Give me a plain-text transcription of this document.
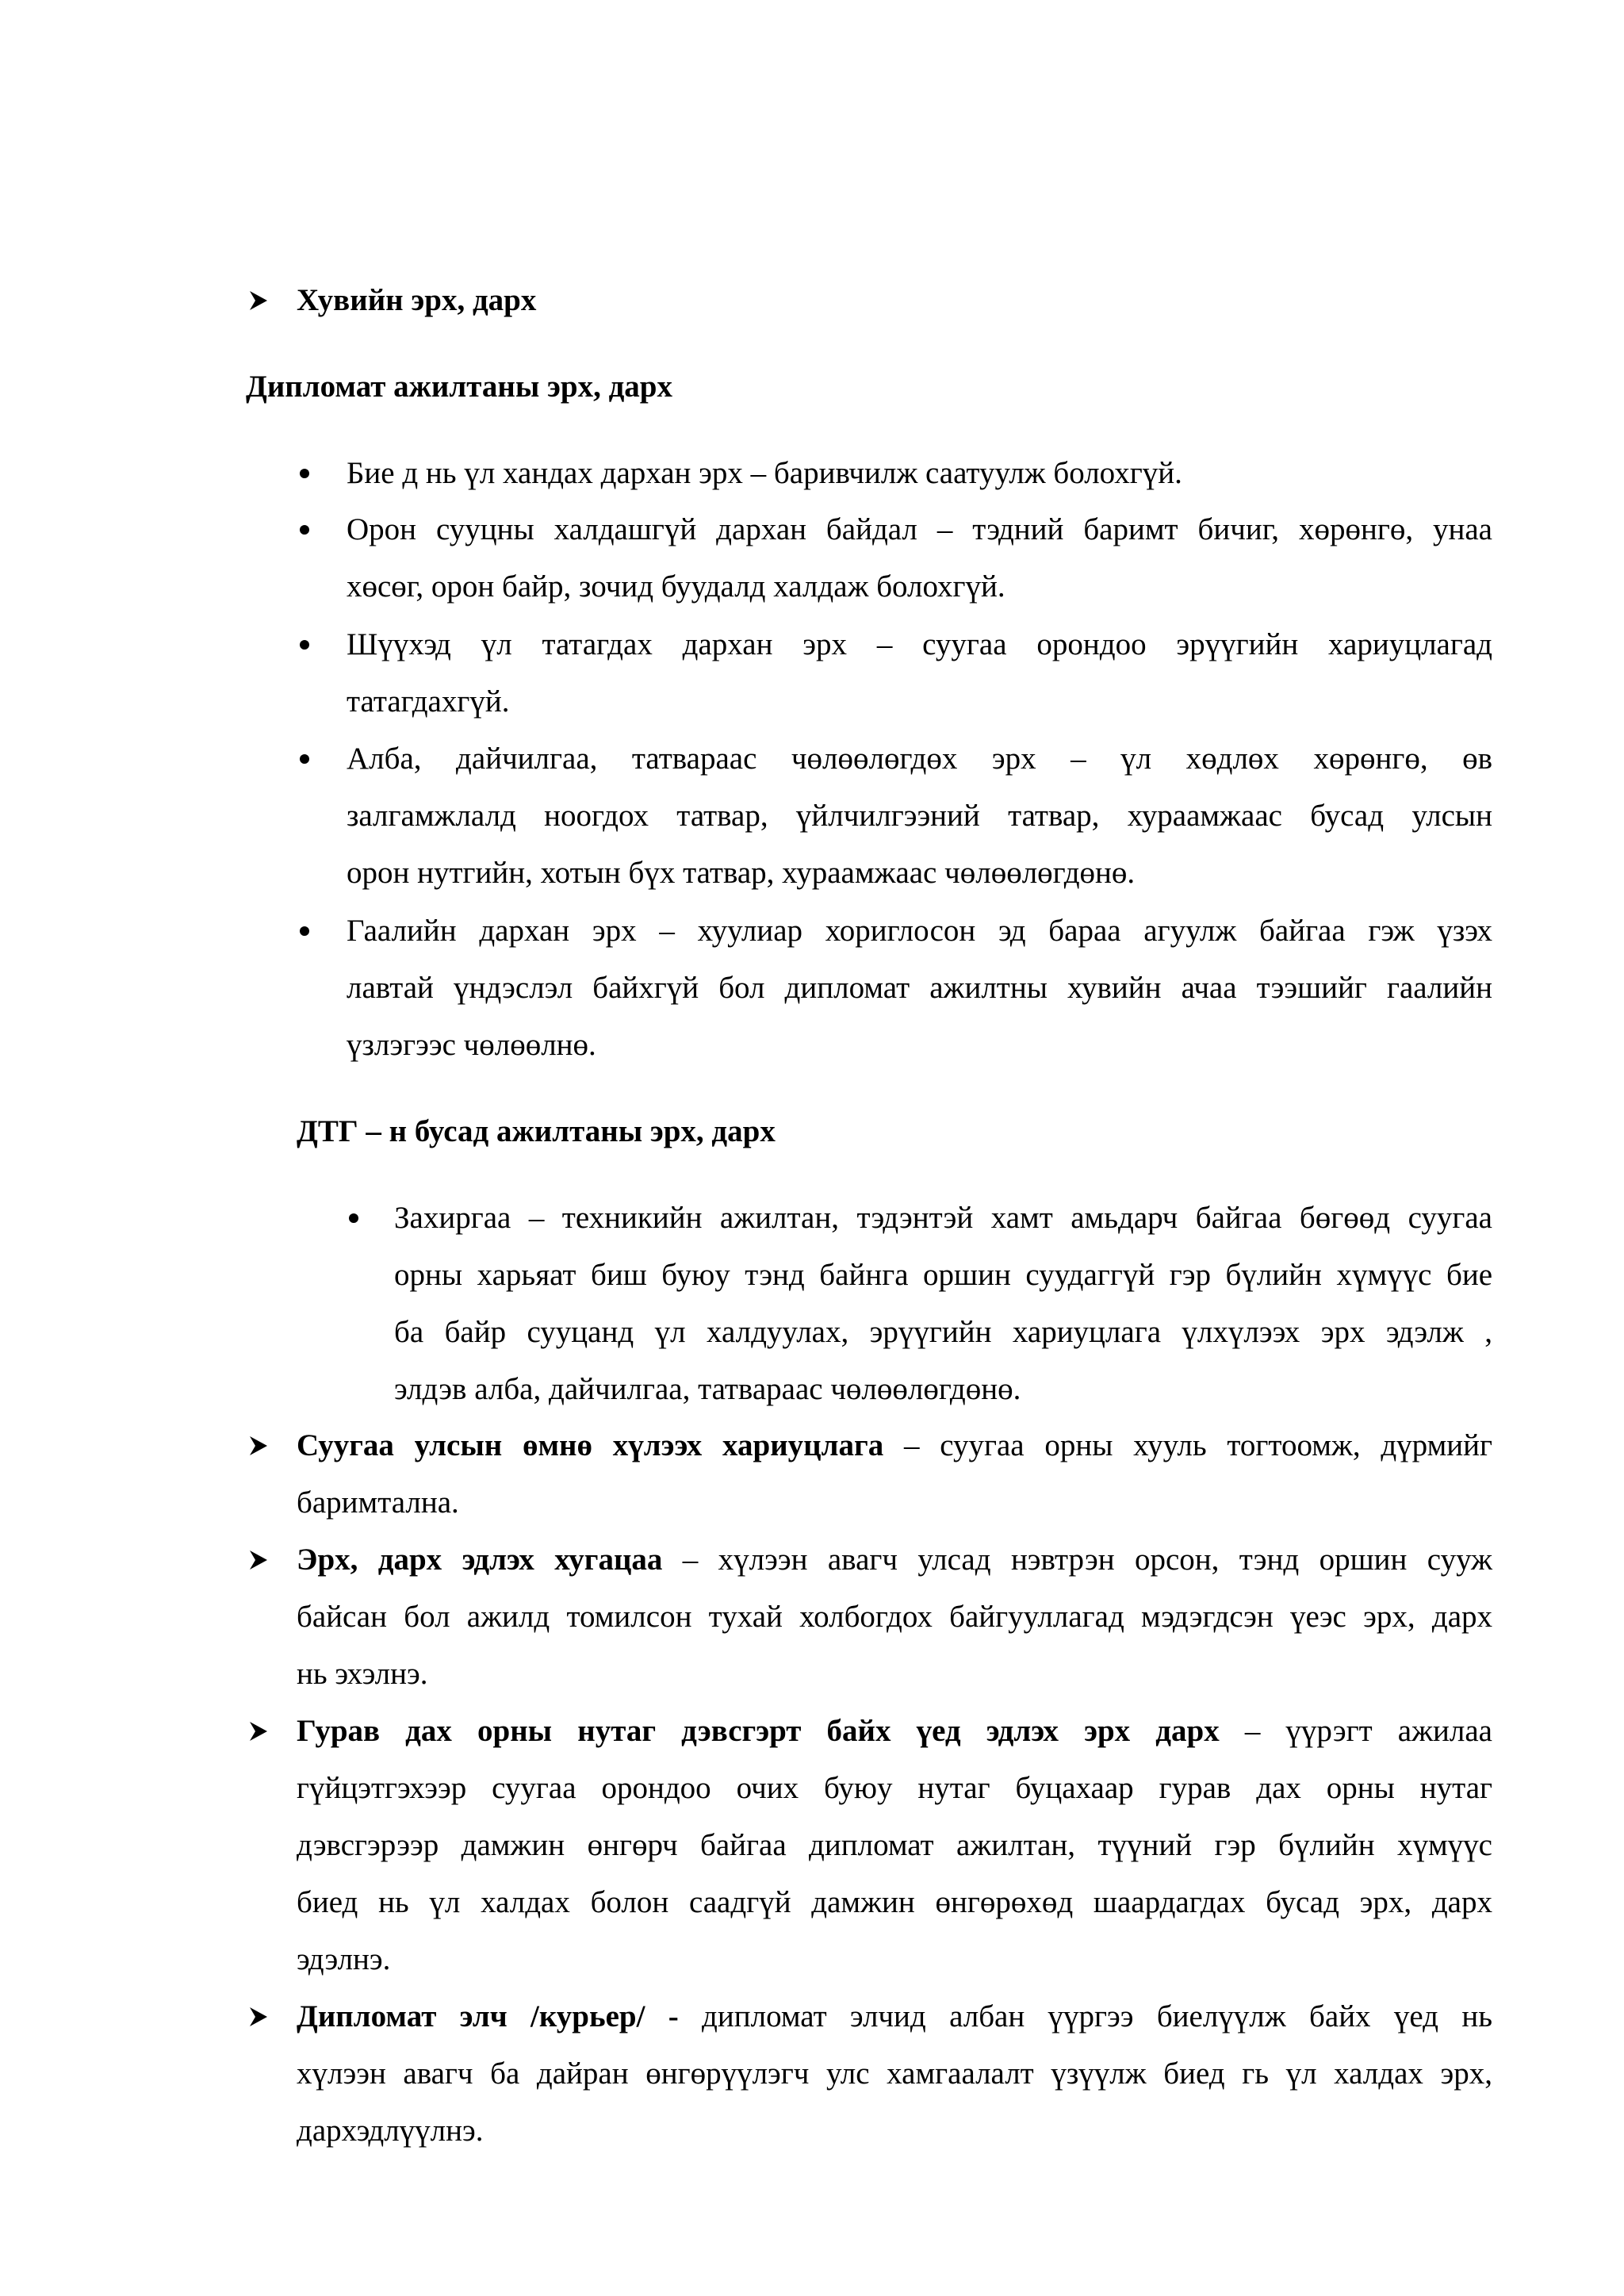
Хувийн эрх, дарх

Дипломат ажилтаны эрх, дарх

Бие д нь үл хандах дархан эрх – баривчилж саатуулж болохгүй.

Орон сууцны халдашгүй дархан байдал – тэдний баримт бичиг, хөрөнгө, унаа

хөсөг, орон байр, зочид буудалд халдаж болохгүй.

Шүүхэд үл татагдах дархан эрх – суугаа орондоо эрүүгийн хариуцлагад

татагдахгүй.

Алба, дайчилгаа, татвараас чөлөөлөгдөх эрх – үл хөдлөх хөрөнгө, өв

залгамжлалд ноогдох татвар, үйлчилгээний татвар, хураамжаас бусад улсын

орон нутгийн, хотын бүх татвар, хураамжаас чөлөөлөгдөнө.

Гаалийн дархан эрх – хуулиар хориглосон эд бараа агуулж байгаа гэж үзэх

лавтай үндэслэл байхгүй бол дипломат ажилтны хувийн ачаа тээшийг гаалийн

үзлэгээс чөлөөлнө.

ДТГ – н бусад ажилтаны эрх, дарх

Захиргаа – техникийн ажилтан, тэдэнтэй хамт амьдарч байгаа бөгөөд суугаа

орны харьяат биш буюу тэнд байнга оршин суудаггүй гэр бүлийн хүмүүс бие

ба байр сууцанд үл халдуулах, эрүүгийн хариуцлага үлхүлээх эрх эдэлж ,

элдэв алба, дайчилгаа, татвараас чөлөөлөгдөнө.

Суугаа улсын өмнө хүлээх хариуцлага – суугаа орны хууль тогтоомж, дүрмийг

баримтална.

Эрх, дарх эдлэх хугацаа – хүлээн авагч улсад нэвтрэн орсон, тэнд оршин сууж

байсан бол ажилд томилсон тухай холбогдох байгууллагад мэдэгдсэн үеэс эрх, дарх

нь эхэлнэ.

Гурав дах орны нутаг дэвсгэрт байх үед эдлэх эрх дарх – үүрэгт ажилаа

гүйцэтгэхээр суугаа орондоо очих буюу нутаг буцахаар гурав дах орны нутаг

дэвсгэрээр дамжин өнгөрч байгаа дипломат ажилтан, түүний гэр бүлийн хүмүүс

биед нь үл халдах болон саадгүй дамжин өнгөрөхөд шаардагдах бусад эрх, дарх

эдэлнэ.

Дипломат элч /курьер/ - дипломат элчид албан үүргээ биелүүлж байх үед нь

хүлээн авагч ба дайран өнгөрүүлэгч улс хамгаалалт үзүүлж биед гь үл халдах эрх,

дархэдлүүлнэ.
